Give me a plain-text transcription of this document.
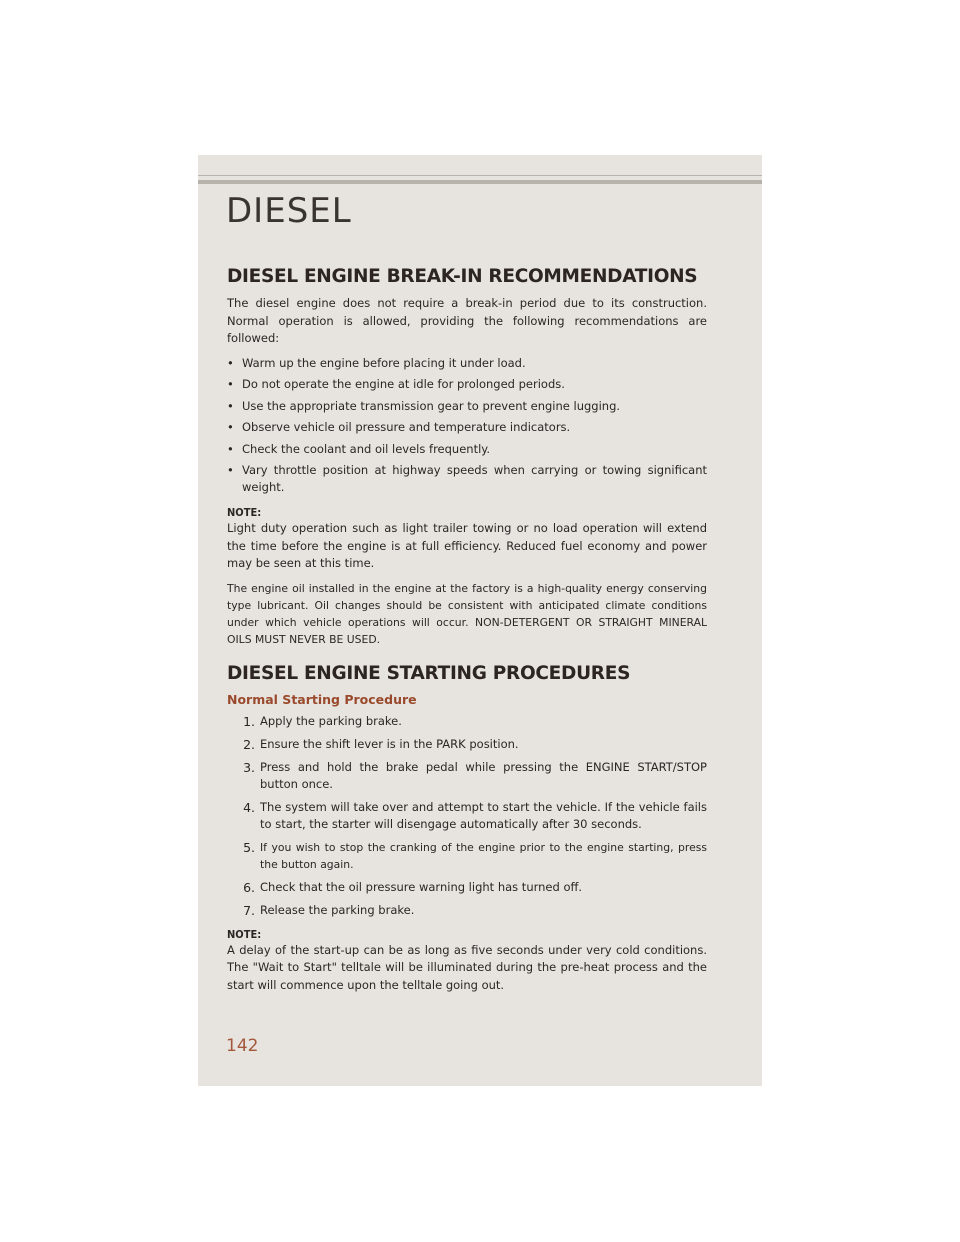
DIESEL
DIESEL ENGINE BREAK-IN RECOMMENDATIONS

The diesel engine does not require a break-in period due to its construction. Normal operation is allowed, providing the following recommendations are followed:

• Warm up the engine before placing it under load.
• Do not operate the engine at idle for prolonged periods.
• Use the appropriate transmission gear to prevent engine lugging.
• Observe vehicle oil pressure and temperature indicators.
• Check the coolant and oil levels frequently.
• Vary throttle position at highway speeds when carrying or towing significant weight.
NOTE:

Light duty operation such as light trailer towing or no load operation will extend the time before the engine is at full efficiency. Reduced fuel economy and power may be seen at this time.

The engine oil installed in the engine at the factory is a high-quality energy conserving type lubricant. Oil changes should be consistent with anticipated climate conditions under which vehicle operations will occur. NON-DETERGENT OR STRAIGHT MINERAL OILS MUST NEVER BE USED.

DIESEL ENGINE STARTING PROCEDURES
Normal Starting Procedure
1. Apply the parking brake.
2. Ensure the shift lever is in the PARK position.
3. Press and hold the brake pedal while pressing the ENGINE START/STOP button once.
4. The system will take over and attempt to start the vehicle. If the vehicle fails to start, the starter will disengage automatically after 30 seconds.
5. If you wish to stop the cranking of the engine prior to the engine starting, press the button again.
6. Check that the oil pressure warning light has turned off.
7. Release the parking brake.
NOTE:

A delay of the start-up can be as long as five seconds under very cold conditions. The "Wait to Start" telltale will be illuminated during the pre-heat process and the start will commence upon the telltale going out.

142
